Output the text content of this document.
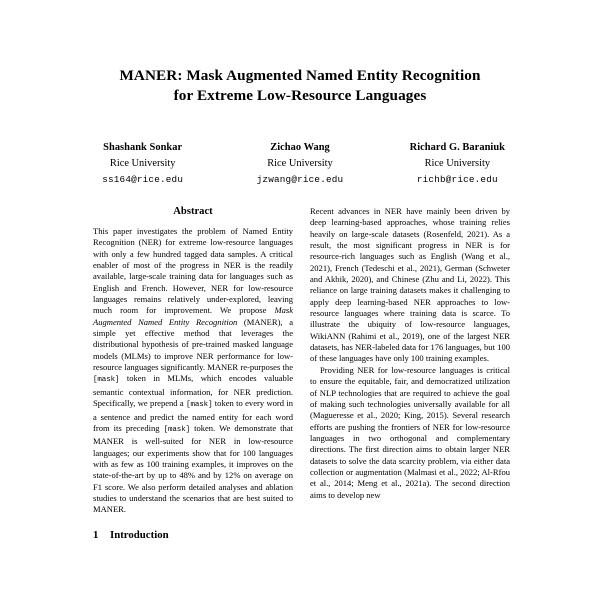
MANER: Mask Augmented Named Entity Recognition
for Extreme Low-Resource Languages
Shashank Sonkar
Rice University
ss164@rice.edu
Zichao Wang
Rice University
jzwang@rice.edu
Richard G. Baraniuk
Rice University
richb@rice.edu
Abstract

This paper investigates the problem of Named Entity Recognition (NER) for extreme low-resource languages with only a few hundred tagged data samples. A critical enabler of most of the progress in NER is the readily available, large-scale training data for languages such as English and French. However, NER for low-resource languages remains relatively under-explored, leaving much room for improvement. We propose Mask Augmented Named Entity Recognition (MANER), a simple yet effective method that leverages the distributional hypothesis of pre-trained masked language models (MLMs) to improve NER performance for low-resource languages significantly. MANER re-purposes the [mask] token in MLMs, which encodes valuable semantic contextual information, for NER prediction. Specifically, we prepend a [mask] token to every word in a sentence and predict the named entity for each word from its preceding [mask] token. We demonstrate that MANER is well-suited for NER in low-resource languages; our experiments show that for 100 languages with as few as 100 training examples, it improves on the state-of-the-art by up to 48% and by 12% on average on F1 score. We also perform detailed analyses and ablation studies to understand the scenarios that are best suited to MANER.

1	Introduction

Recent advances in NER have mainly been driven by deep learning-based approaches, whose training relies heavily on large-scale datasets (Rosenfeld, 2021). As a result, the most significant progress in NER is for resource-rich languages such as English (Wang et al., 2021), French (Tedeschi et al., 2021), German (Schweter and Akbik, 2020), and Chinese (Zhu and Li, 2022). This reliance on large training datasets makes it challenging to apply deep learning-based NER approaches to low-resource languages where training data is scarce. To illustrate the ubiquity of low-resource languages, WikiANN (Rahimi et al., 2019), one of the largest NER datasets, has NER-labeled data for 176 languages, but 100 of these languages have only 100 training examples.

Providing NER for low-resource languages is critical to ensure the equitable, fair, and democratized utilization of NLP technologies that are required to achieve the goal of making such technologies universally available for all (Magueresse et al., 2020; King, 2015). Several research efforts are pushing the frontiers of NER for low-resource languages in two orthogonal and complementary directions. The first direction aims to obtain larger NER datasets to solve the data scarcity problem, via either data collection or augmentation (Malmasi et al., 2022; Al-Rfou et al., 2014; Meng et al., 2021a). The second direction aims to develop new
